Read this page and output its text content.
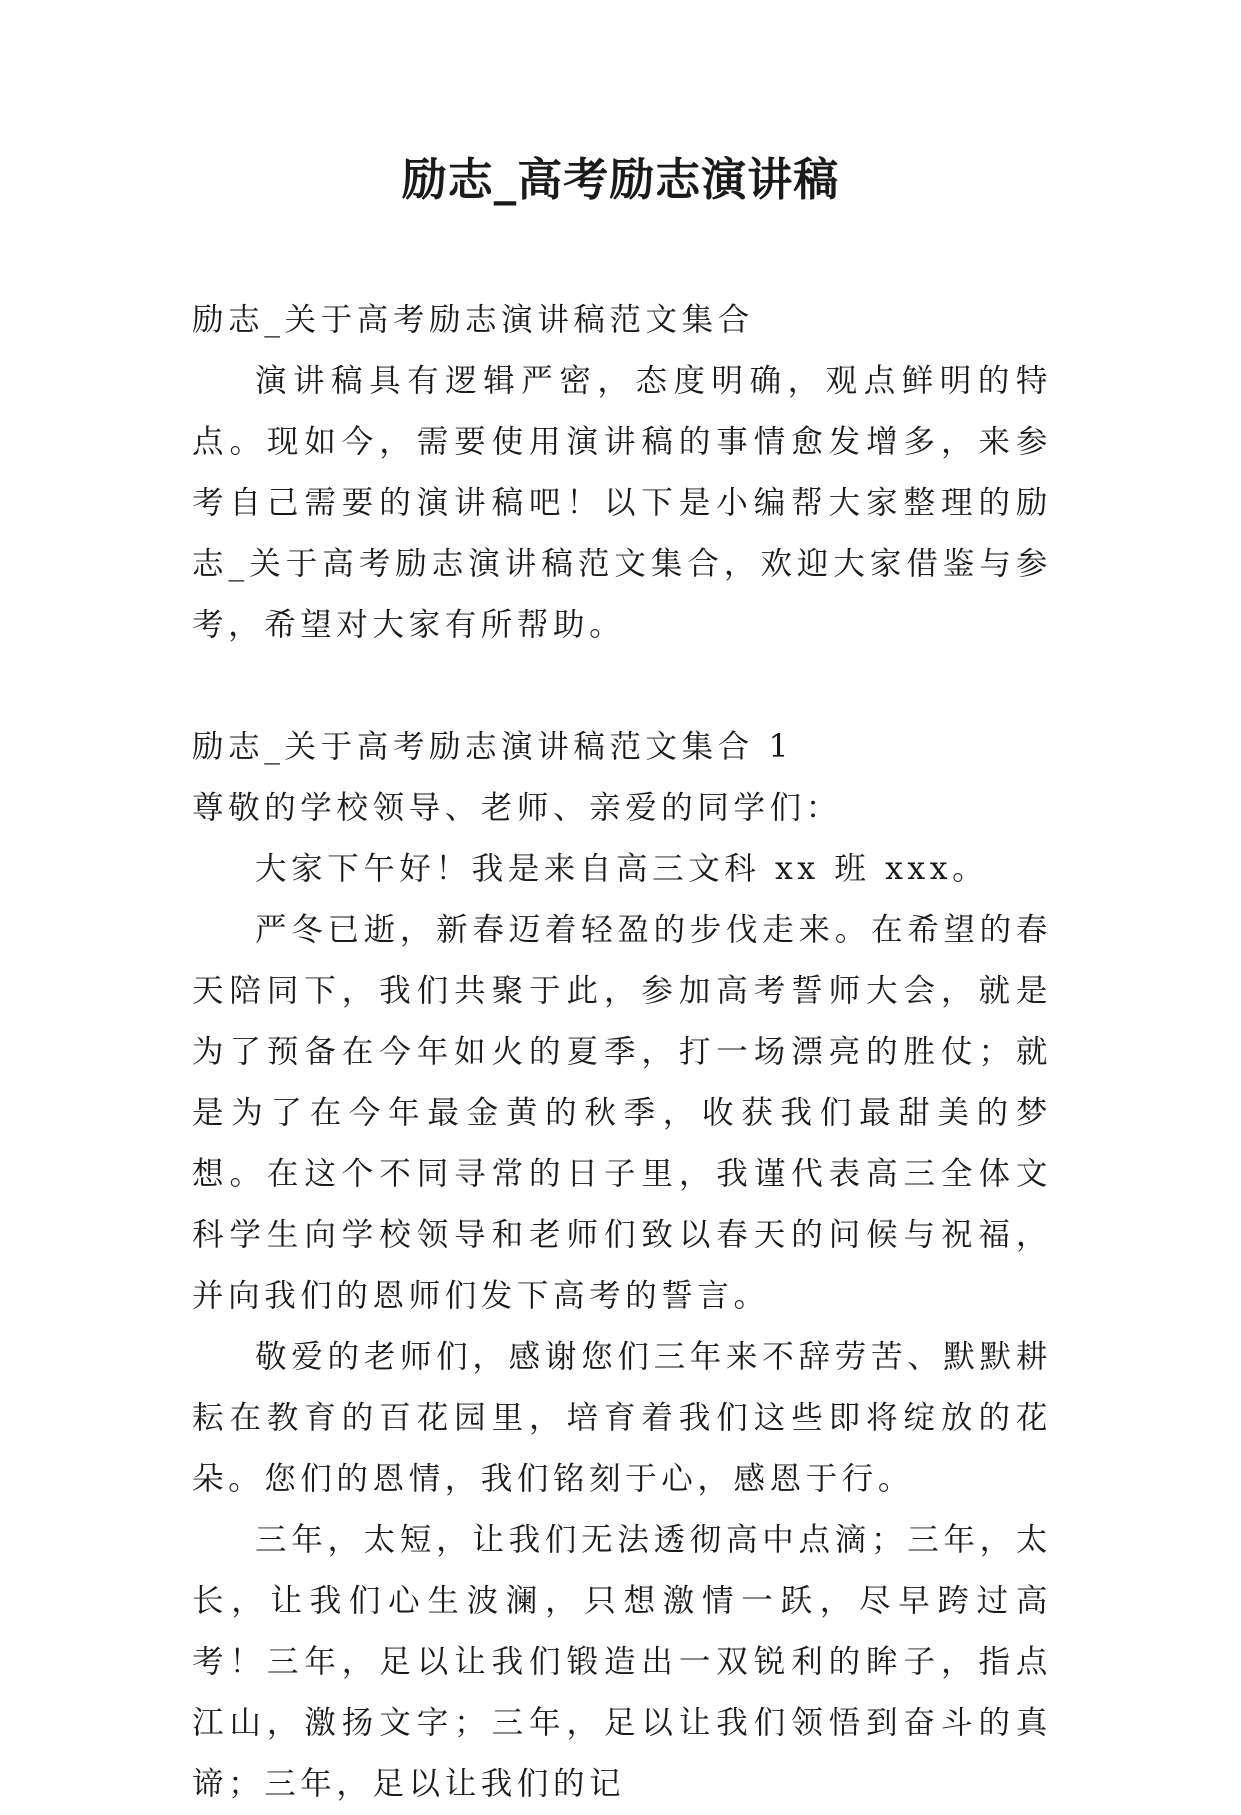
励志_高考励志演讲稿

励志_关于高考励志演讲稿范文集合

演讲稿具有逻辑严密，态度明确，观点鲜明的特点。现如今，需要使用演讲稿的事情愈发增多，来参考自己需要的演讲稿吧！以下是小编帮大家整理的励志_关于高考励志演讲稿范文集合，欢迎大家借鉴与参考，希望对大家有所帮助。

励志_关于高考励志演讲稿范文集合 1

尊敬的学校领导、老师、亲爱的同学们：

大家下午好！我是来自高三文科 xx 班 xxx。

严冬已逝，新春迈着轻盈的步伐走来。在希望的春天陪同下，我们共聚于此，参加高考誓师大会，就是为了预备在今年如火的夏季，打一场漂亮的胜仗；就是为了在今年最金黄的秋季，收获我们最甜美的梦想。在这个不同寻常的日子里，我谨代表高三全体文科学生向学校领导和老师们致以春天的问候与祝福，并向我们的恩师们发下高考的誓言。

敬爱的老师们，感谢您们三年来不辞劳苦、默默耕耘在教育的百花园里，培育着我们这些即将绽放的花朵。您们的恩情，我们铭刻于心，感恩于行。

三年，太短，让我们无法透彻高中点滴；三年，太长，让我们心生波澜，只想激情一跃，尽早跨过高考！三年，足以让我们锻造出一双锐利的眸子，指点江山，激扬文字；三年，足以让我们领悟到奋斗的真谛；三年，足以让我们的记
